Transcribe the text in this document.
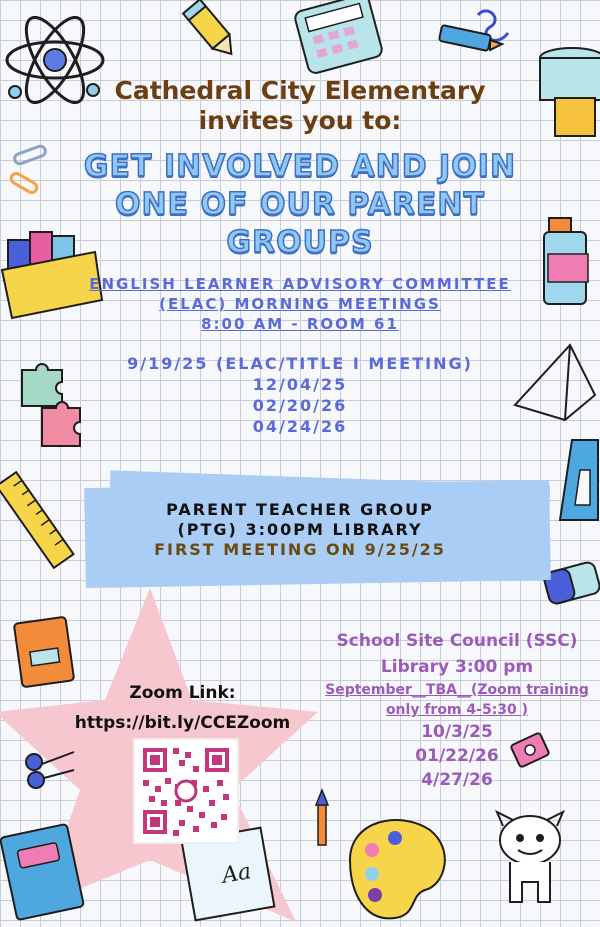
Aa
Cathedral City Elementary
invites you to:
GET INVOLVED AND JOIN
ONE OF OUR PARENT
GROUPS
ENGLISH LEARNER ADVISORY COMMITTEE
(ELAC) MORNING MEETINGS
8:00 AM - ROOM 61
9/19/25 (ELAC/TITLE I MEETING)
12/04/25
02/20/26
04/24/26
PARENT TEACHER GROUP
(PTG) 3:00PM LIBRARY
FIRST MEETING ON 9/25/25
School Site Council (SSC)
Library 3:00 pm
September__TBA__(Zoom training only from 4-5:30 )
10/3/25
01/22/26
4/27/26
Zoom Link:
https://bit.ly/CCEZoom
